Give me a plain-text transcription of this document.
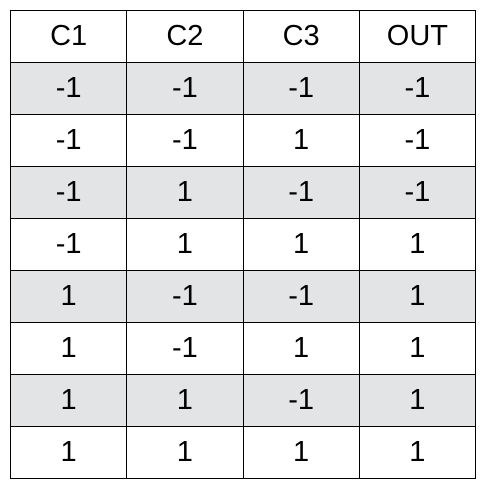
C1	C2	C3	OUT
-1	-1	-1	-1
-1	-1	1	-1
-1	1	-1	-1
-1	1	1	1
1	-1	-1	1
1	-1	1	1
1	1	-1	1
1	1	1	1
